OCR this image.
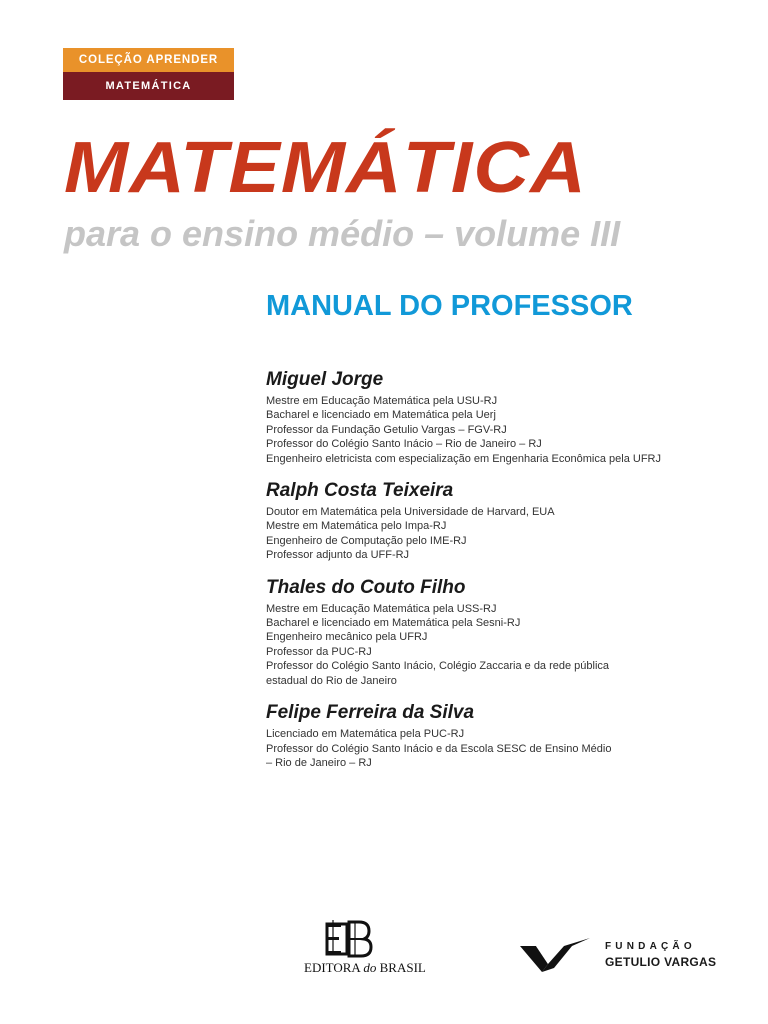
COLEÇÃO APRENDER
MATEMÁTICA
MATEMÁTICA
para o ensino médio – volume III
MANUAL DO PROFESSOR
Miguel Jorge
Mestre em Educação Matemática pela USU-RJ
Bacharel e licenciado em Matemática pela Uerj
Professor da Fundação Getulio Vargas – FGV-RJ
Professor do Colégio Santo Inácio – Rio de Janeiro – RJ
Engenheiro eletricista com especialização em Engenharia Econômica pela UFRJ
Ralph Costa Teixeira
Doutor em Matemática pela Universidade de Harvard, EUA
Mestre em Matemática pelo Impa-RJ
Engenheiro de Computação pelo IME-RJ
Professor adjunto da UFF-RJ
Thales do Couto Filho
Mestre em Educação Matemática pela USS-RJ
Bacharel e licenciado em Matemática pela Sesni-RJ
Engenheiro mecânico pela UFRJ
Professor da PUC-RJ
Professor do Colégio Santo Inácio, Colégio Zaccaria e da rede pública
estadual do Rio de Janeiro
Felipe Ferreira da Silva
Licenciado em Matemática pela PUC-RJ
Professor do Colégio Santo Inácio e da Escola SESC de Ensino Médio
– Rio de Janeiro – RJ
EDITORA do BRASIL
FUNDAÇÃO
GETULIO VARGAS
